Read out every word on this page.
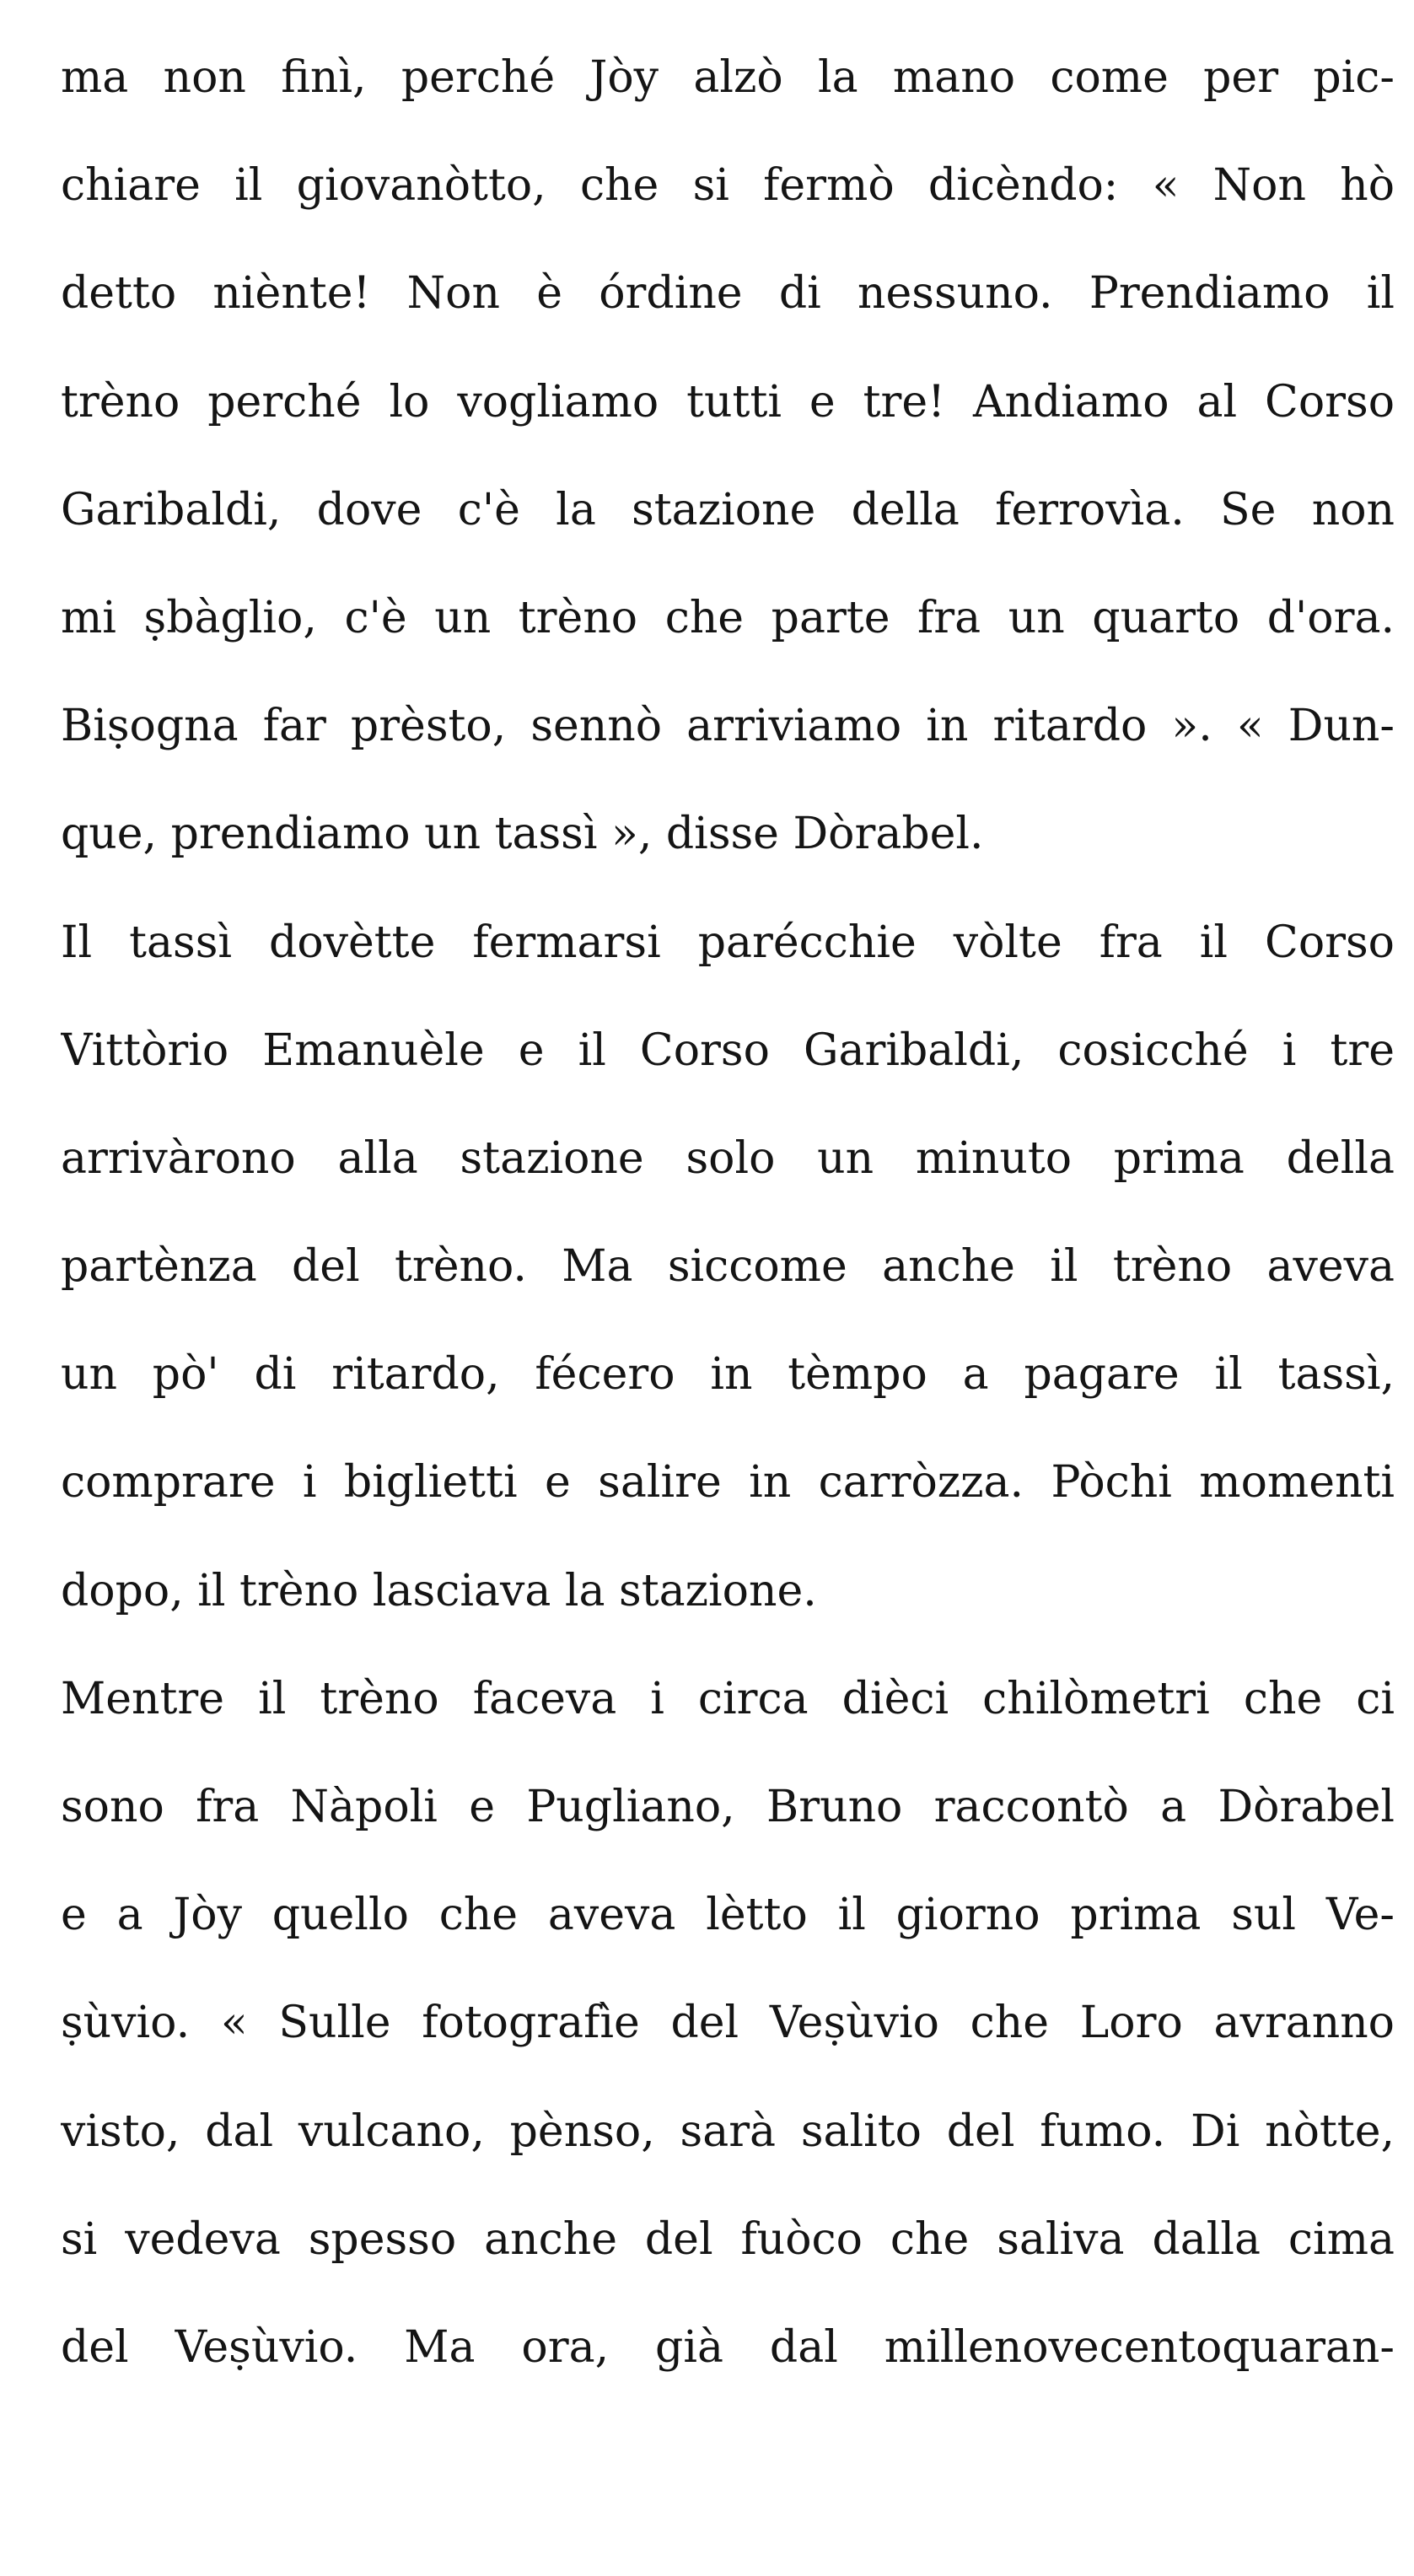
ma non finì, perché Jòy alzò la mano come per pic-
chiare il giovanòtto, che si fermò dicèndo: « Non hò
detto niènte! Non è órdine di nessuno. Prendiamo il
trèno perché lo vogliamo tutti e tre! Andiamo al Corso
Garibaldi, dove c'è la stazione della ferrovìa. Se non
mi ṣbàglio, c'è un trèno che parte fra un quarto d'ora.
Biṣogna far prèsto, sennò arriviamo in ritardo ». « Dun-
que, prendiamo un tassì », disse Dòrabel.
Il tassì dovètte fermarsi parécchie vòlte fra il Corso
Vittòrio Emanuèle e il Corso Garibaldi, cosicché i tre
arrivàrono alla stazione solo un minuto prima della
partènza del trèno. Ma siccome anche il trèno aveva
un pò' di ritardo, fécero in tèmpo a pagare il tassì,
comprare i biglietti e salire in carròzza. Pòchi momenti
dopo, il trèno lasciava la stazione.
Mentre il trèno faceva i circa dièci chilòmetri che ci
sono fra Nàpoli e Pugliano, Bruno raccontò a Dòrabel
e a Jòy quello che aveva lètto il giorno prima sul Ve-
ṣùvio. « Sulle fotografìe del Veṣùvio che Loro avranno
visto, dal vulcano, pènso, sarà salito del fumo. Di nòtte,
si vedeva spesso anche del fuòco che saliva dalla cima
del Veṣùvio. Ma ora, già dal millenovecentoquaran-
